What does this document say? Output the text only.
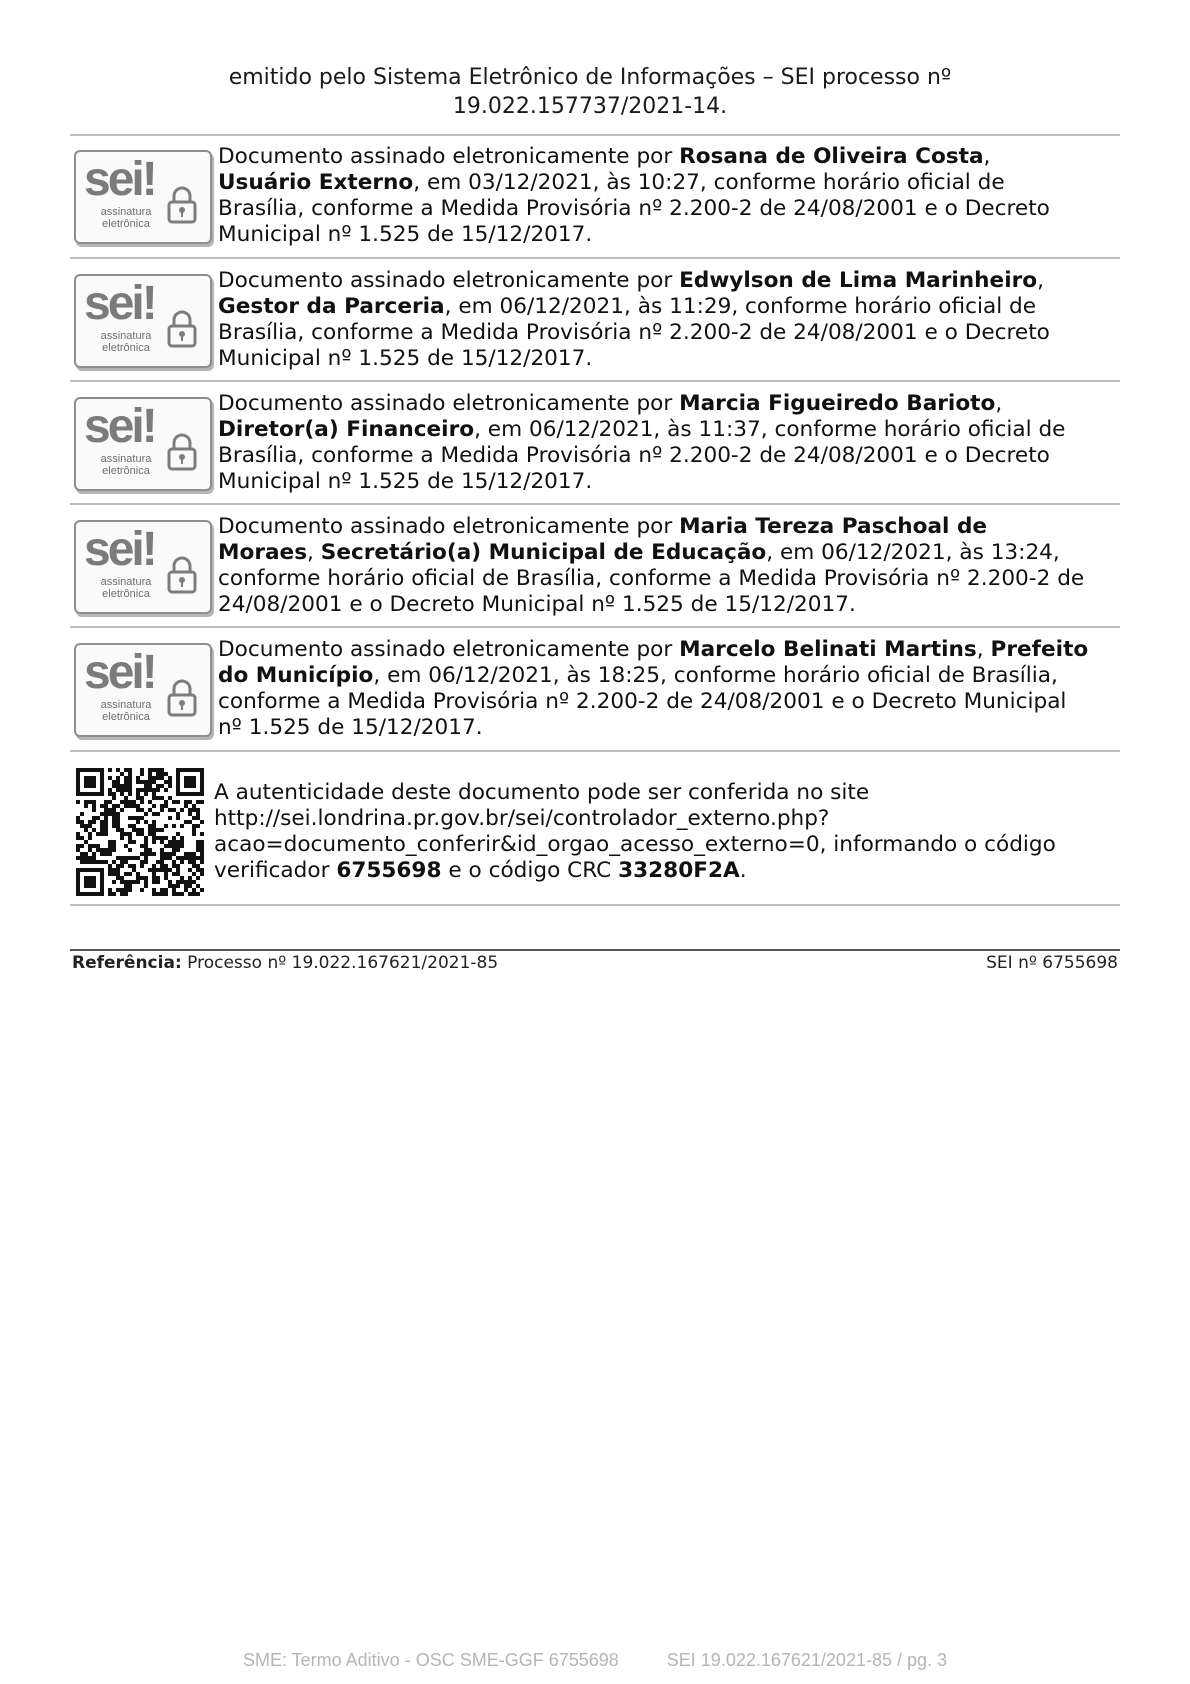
emitido pelo Sistema Eletrônico de Informações – SEI processo nº
19.022.157737/2021-14.
sei!
assinatura
eletrônica
Documento assinado eletronicamente por Rosana de Oliveira Costa,
Usuário Externo, em 03/12/2021, às 10:27, conforme horário oficial de
Brasília, conforme a Medida Provisória nº 2.200-2 de 24/08/2001 e o Decreto
Municipal nº 1.525 de 15/12/2017.
sei!
assinatura
eletrônica
Documento assinado eletronicamente por Edwylson de Lima Marinheiro,
Gestor da Parceria, em 06/12/2021, às 11:29, conforme horário oficial de
Brasília, conforme a Medida Provisória nº 2.200-2 de 24/08/2001 e o Decreto
Municipal nº 1.525 de 15/12/2017.
sei!
assinatura
eletrônica
Documento assinado eletronicamente por Marcia Figueiredo Barioto,
Diretor(a) Financeiro, em 06/12/2021, às 11:37, conforme horário oficial de
Brasília, conforme a Medida Provisória nº 2.200-2 de 24/08/2001 e o Decreto
Municipal nº 1.525 de 15/12/2017.
sei!
assinatura
eletrônica
Documento assinado eletronicamente por Maria Tereza Paschoal de
Moraes, Secretário(a) Municipal de Educação, em 06/12/2021, às 13:24,
conforme horário oficial de Brasília, conforme a Medida Provisória nº 2.200-2 de
24/08/2001 e o Decreto Municipal nº 1.525 de 15/12/2017.
sei!
assinatura
eletrônica
Documento assinado eletronicamente por Marcelo Belinati Martins, Prefeito
do Município, em 06/12/2021, às 18:25, conforme horário oficial de Brasília,
conforme a Medida Provisória nº 2.200-2 de 24/08/2001 e o Decreto Municipal
nº 1.525 de 15/12/2017.
A autenticidade deste documento pode ser conferida no site
http://sei.londrina.pr.gov.br/sei/controlador_externo.php?
acao=documento_conferir&id_orgao_acesso_externo=0, informando o código
verificador 6755698 e o código CRC 33280F2A.
Referência: Processo nº 19.022.167621/2021-85	SEI nº 6755698
SME: Termo Aditivo - OSC SME-GGF 6755698	SEI 19.022.167621/2021-85 / pg. 3
